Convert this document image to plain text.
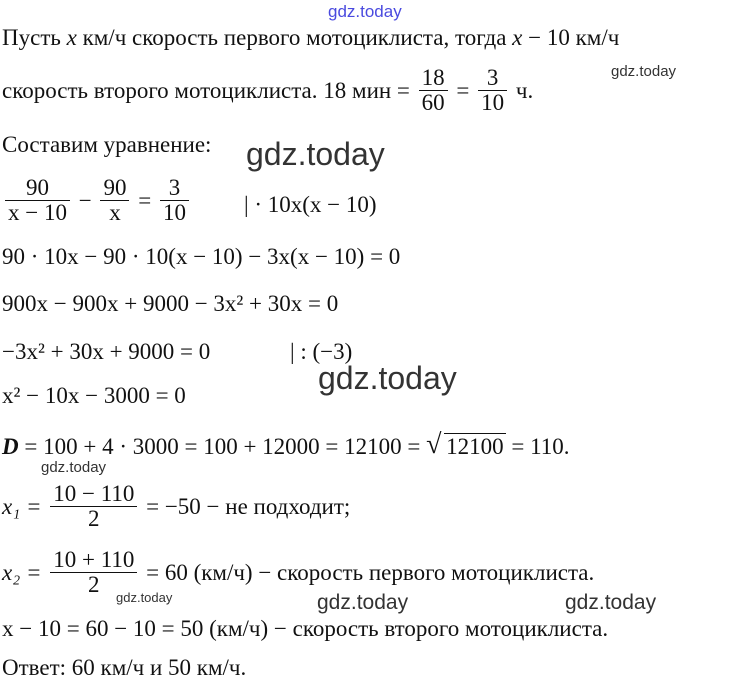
gdz.today
Пусть x км/ч скорость первого мотоциклиста, тогда x − 10 км/ч
скорость второго мотоциклиста. 18 мин = $\frac{18}{60} = \frac{3}{10} ч$.
gdz.today
Составим уравнение: gdz.today
$\frac{90}{x - 10} - \frac{90}{x} = \frac{3}{10}$ | · 10x(x − 10)
90 · 10x − 90 · 10(x − 10) − 3x(x − 10) = 0
900x − 900x + 9000 − 3x² + 30x = 0
−3x² + 30x + 9000 = 0	| : (−3)
gdz.today
x² − 10x − 3000 = 0
D = 100 + 4 · 3000 = 100 + 12000 = 12100 = √ 12100 = 110.
gdz.today
$x_1 = \frac{10 - 110}{2} = -50$ − не подходит;
$x_2 = \frac{10 + 110}{2} = 60$ (км/ч) − скорость первого мотоциклиста.
gdz.today	gdz.today	gdz.today
x − 10 = 60 − 10 = 50 (км/ч) − скорость второго мотоциклиста.
Ответ: 60 км/ч и 50 км/ч.
